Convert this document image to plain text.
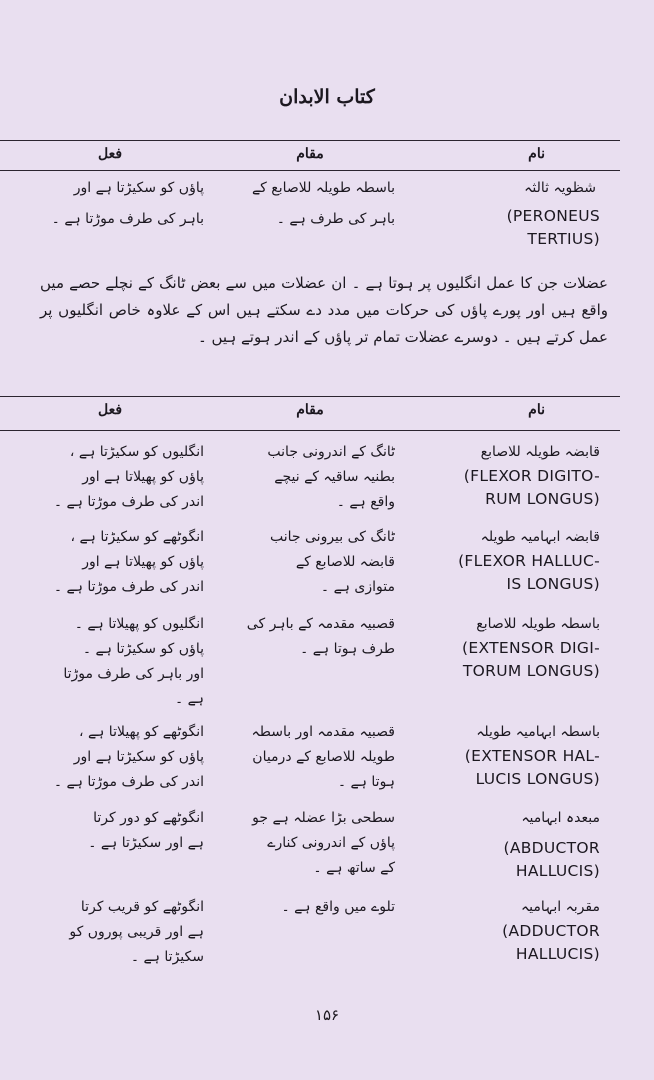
کتاب الابدان
نام
مقام
فعل
شظویہ ثالثہ
(PERONEUS
TERTIUS)
باسطہ طویلہ للاصابع کے
باہر کی طرف ہے ۔
پاؤں کو سکیڑتا ہے اور
باہر کی طرف موڑتا ہے ۔
عضلات جن کا عمل انگلیوں پر ہوتا ہے ۔ ان عضلات میں سے بعض ٹانگ کے نچلے حصے میں واقع ہیں اور پورے پاؤں کی حرکات میں مدد دے سکتے ہیں اس کے علاوہ خاص انگلیوں پر عمل کرتے ہیں ۔ دوسرے عضلات تمام تر پاؤں کے اندر ہوتے ہیں ۔
نام
مقام
فعل
قابضہ طویلہ للاصابع
(FLEXOR DIGITO-
RUM LONGUS)
ٹانگ کے اندرونی جانب
بطنیہ ساقیہ کے نیچے
واقع ہے ۔
انگلیوں کو سکیڑتا ہے ،
پاؤں کو پھیلاتا ہے اور
اندر کی طرف موڑتا ہے ۔
قابضہ ابہامیہ طویلہ
(FLEXOR HALLUC-
IS LONGUS)
ٹانگ کی بیرونی جانب
قابضہ للاصابع کے
متوازی ہے ۔
انگوٹھے کو سکیڑتا ہے ،
پاؤں کو پھیلاتا ہے اور
اندر کی طرف موڑتا ہے ۔
باسطہ طویلہ للاصابع
(EXTENSOR DIGI-
TORUM LONGUS)
قصبیہ مقدمہ کے باہر کی
طرف ہوتا ہے ۔
انگلیوں کو پھیلاتا ہے ۔
پاؤں کو سکیڑتا ہے ۔
اور باہر کی طرف موڑتا
ہے ۔
باسطہ ابہامیہ طویلہ
(EXTENSOR HAL-
LUCIS LONGUS)
قصبیہ مقدمہ اور باسطہ
طویلہ للاصابع کے درمیان
ہوتا ہے ۔
انگوٹھے کو پھیلاتا ہے ،
پاؤں کو سکیڑتا ہے اور
اندر کی طرف موڑتا ہے ۔
مبعدہ ابہامیہ
(ABDUCTOR
HALLUCIS)
سطحی بڑا عضلہ ہے جو
پاؤں کے اندرونی کنارے
کے ساتھ ہے ۔
انگوٹھے کو دور کرتا
ہے اور سکیڑتا ہے ۔
مقربہ ابہامیہ
(ADDUCTOR
HALLUCIS)
تلوے میں واقع ہے ۔
انگوٹھے کو قریب کرتا
ہے اور قریبی پوروں کو
سکیڑتا ہے ۔
۱۵۶
